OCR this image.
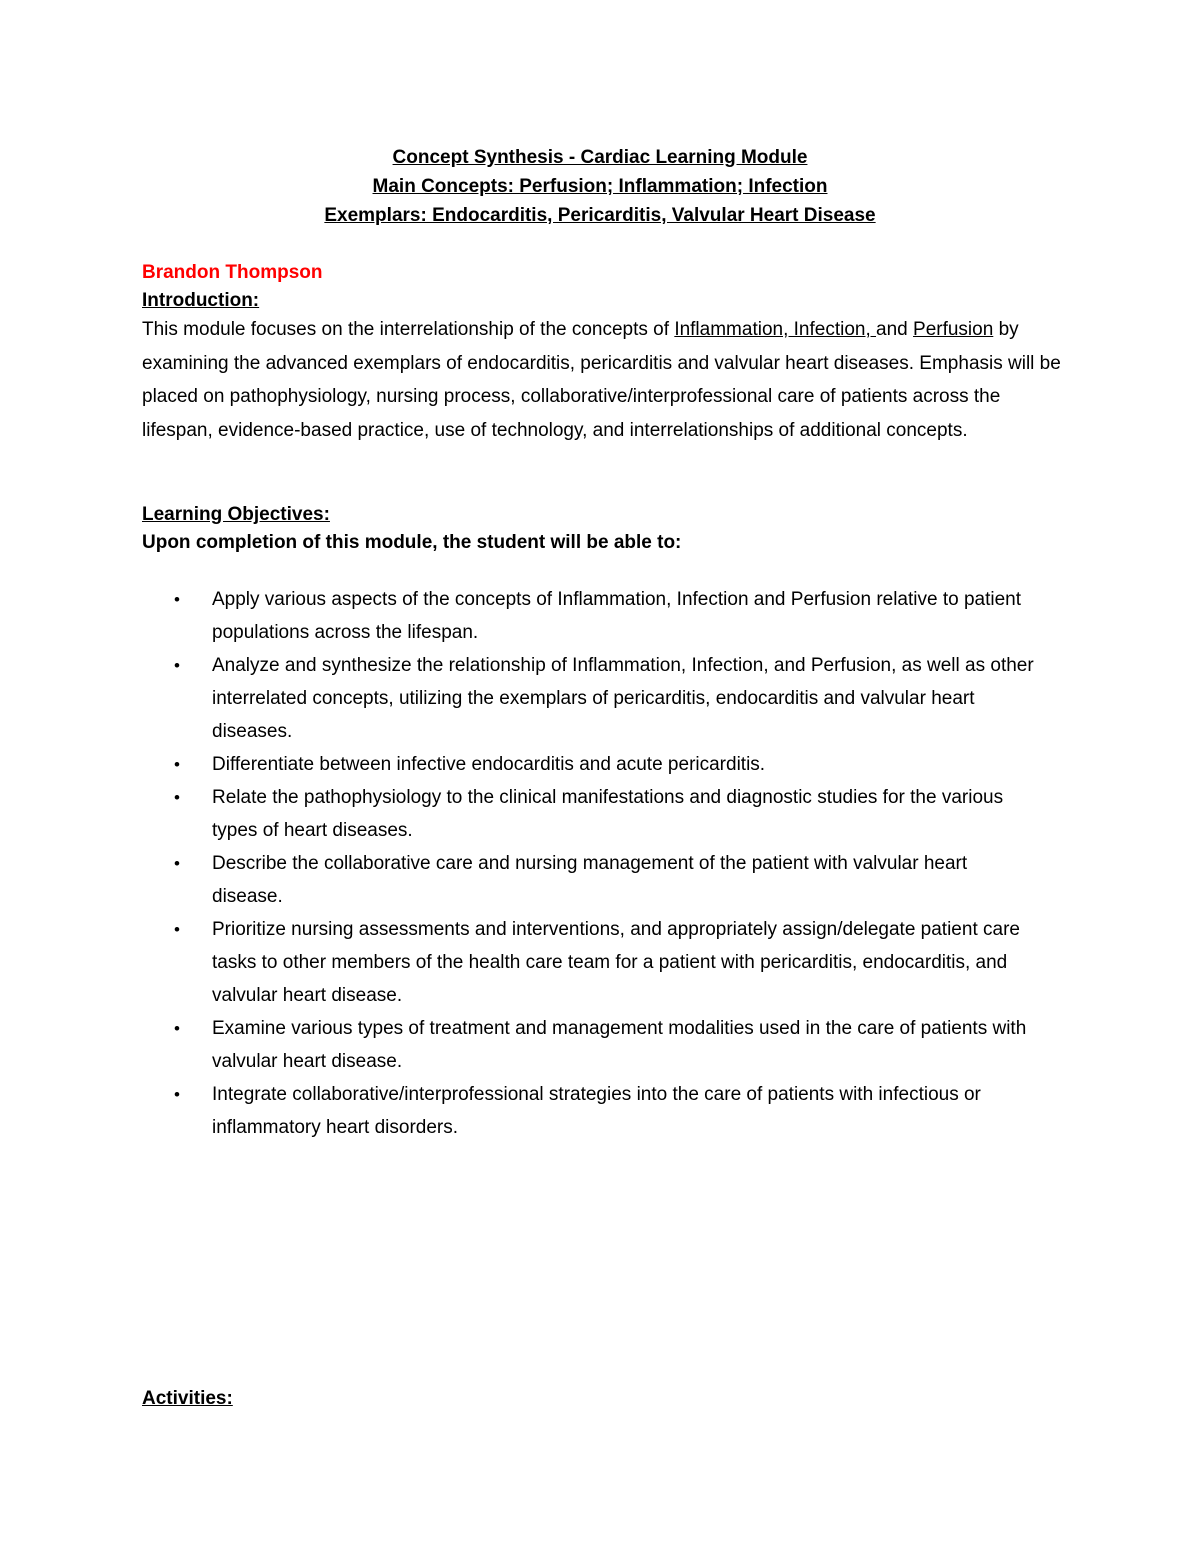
Concept Synthesis - Cardiac Learning Module
Main Concepts: Perfusion; Inflammation; Infection
Exemplars: Endocarditis, Pericarditis, Valvular Heart Disease
Brandon Thompson
Introduction:
This module focuses on the interrelationship of the concepts of Inflammation, Infection, and Perfusion by examining the advanced exemplars of endocarditis, pericarditis and valvular heart diseases. Emphasis will be placed on pathophysiology, nursing process, collaborative/interprofessional care of patients across the lifespan, evidence-based practice, use of technology, and interrelationships of additional concepts.
Learning Objectives:
Upon completion of this module, the student will be able to:
• Apply various aspects of the concepts of Inflammation, Infection and Perfusion relative to patient populations across the lifespan.
• Analyze and synthesize the relationship of Inflammation, Infection, and Perfusion, as well as other interrelated concepts, utilizing the exemplars of pericarditis, endocarditis and valvular heart diseases.
• Differentiate between infective endocarditis and acute pericarditis.
• Relate the pathophysiology to the clinical manifestations and diagnostic studies for the various types of heart diseases.
• Describe the collaborative care and nursing management of the patient with valvular heart disease.
• Prioritize nursing assessments and interventions, and appropriately assign/delegate patient care tasks to other members of the health care team for a patient with pericarditis, endocarditis, and valvular heart disease.
• Examine various types of treatment and management modalities used in the care of patients with valvular heart disease.
• Integrate collaborative/interprofessional strategies into the care of patients with infectious or inflammatory heart disorders.
Activities:
